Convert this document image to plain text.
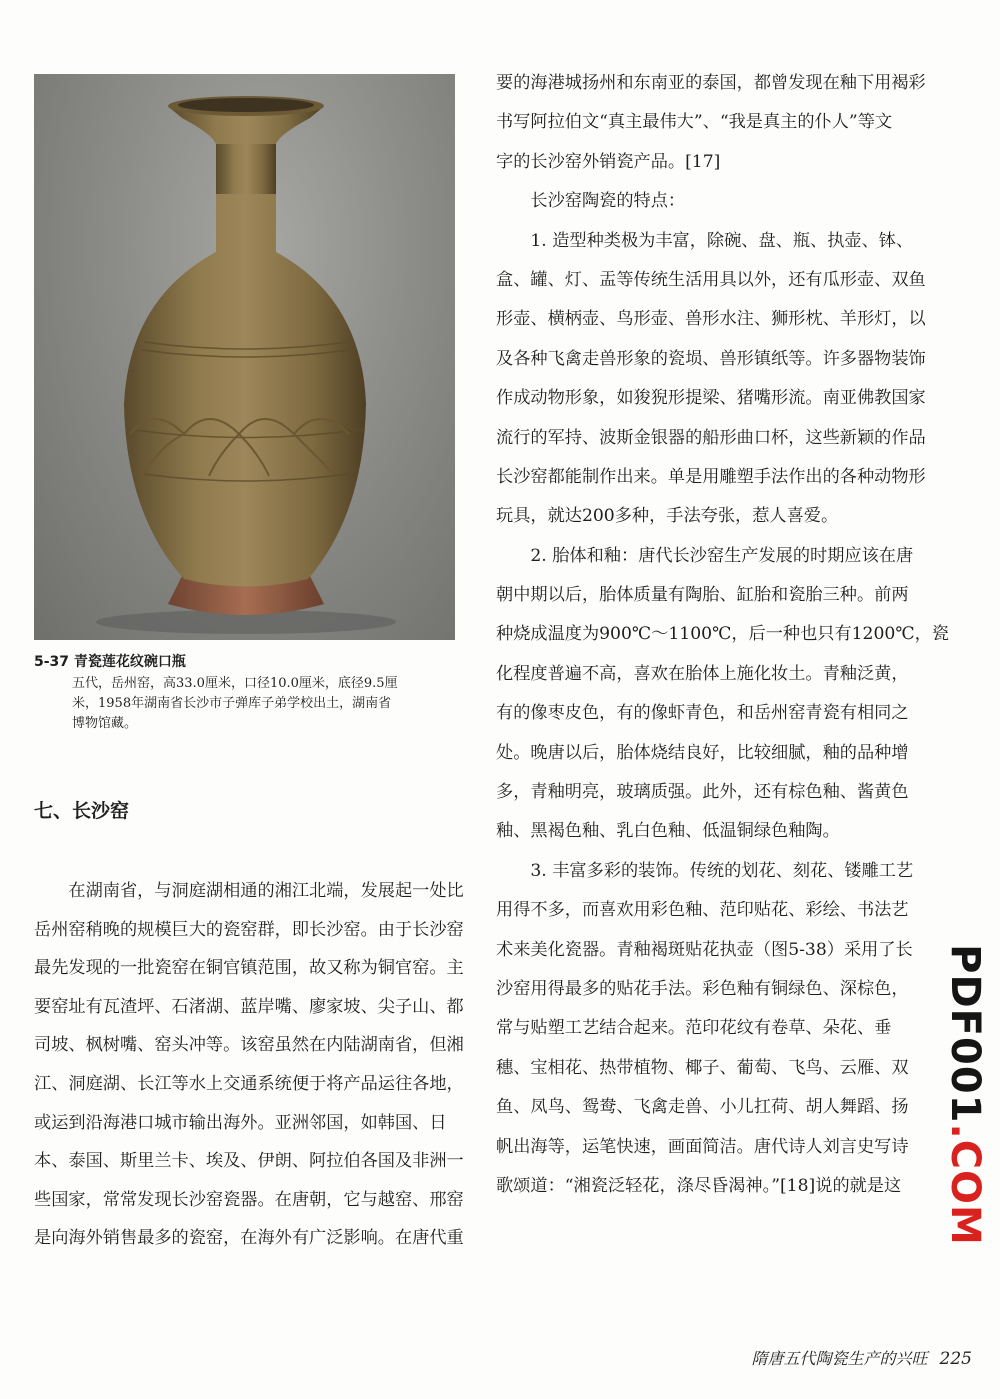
5-37 青瓷莲花纹碗口瓶

五代，岳州窑，高33.0厘米，口径10.0厘米，底径9.5厘
米，1958年湖南省长沙市子弹库子弟学校出土，湖南省
博物馆藏。
七、长沙窑
　　在湖南省，与洞庭湖相通的湘江北端，发展起一处比
岳州窑稍晚的规模巨大的瓷窑群，即长沙窑。由于长沙窑
最先发现的一批瓷窑在铜官镇范围，故又称为铜官窑。主
要窑址有瓦渣坪、石渚湖、蓝岸嘴、廖家坡、尖子山、都
司坡、枫树嘴、窑头冲等。该窑虽然在内陆湖南省，但湘
江、洞庭湖、长江等水上交通系统便于将产品运往各地，
或运到沿海港口城市输出海外。亚洲邻国，如韩国、日
本、泰国、斯里兰卡、埃及、伊朗、阿拉伯各国及非洲一
些国家，常常发现长沙窑瓷器。在唐朝，它与越窑、邢窑
是向海外销售最多的瓷窑，在海外有广泛影响。在唐代重
要的海港城扬州和东南亚的泰国，都曾发现在釉下用褐彩
书写阿拉伯文“真主最伟大”、“我是真主的仆人”等文
字的长沙窑外销瓷产品。[17]
　　长沙窑陶瓷的特点：
　　1. 造型种类极为丰富，除碗、盘、瓶、执壶、钵、
盒、罐、灯、盂等传统生活用具以外，还有瓜形壶、双鱼
形壶、横柄壶、鸟形壶、兽形水注、狮形枕、羊形灯，以
及各种飞禽走兽形象的瓷埙、兽形镇纸等。许多器物装饰
作成动物形象，如狻猊形提梁、猪嘴形流。南亚佛教国家
流行的军持、波斯金银器的船形曲口杯，这些新颖的作品
长沙窑都能制作出来。单是用雕塑手法作出的各种动物形
玩具，就达200多种，手法夸张，惹人喜爱。
　　2. 胎体和釉：唐代长沙窑生产发展的时期应该在唐
朝中期以后，胎体质量有陶胎、缸胎和瓷胎三种。前两
种烧成温度为900℃～1100℃，后一种也只有1200℃，瓷
化程度普遍不高，喜欢在胎体上施化妆土。青釉泛黄，
有的像枣皮色，有的像虾青色，和岳州窑青瓷有相同之
处。晚唐以后，胎体烧结良好，比较细腻，釉的品种增
多，青釉明亮，玻璃质强。此外，还有棕色釉、酱黄色
釉、黑褐色釉、乳白色釉、低温铜绿色釉陶。
　　3. 丰富多彩的装饰。传统的划花、刻花、镂雕工艺
用得不多，而喜欢用彩色釉、范印贴花、彩绘、书法艺
术来美化瓷器。青釉褐斑贴花执壶（图5-38）采用了长
沙窑用得最多的贴花手法。彩色釉有铜绿色、深棕色，
常与贴塑工艺结合起来。范印花纹有卷草、朵花、垂
穗、宝相花、热带植物、椰子、葡萄、飞鸟、云雁、双
鱼、凤鸟、鸳鸯、飞禽走兽、小儿扛荷、胡人舞蹈、扬
帆出海等，运笔快速，画面简洁。唐代诗人刘言史写诗
歌颂道：“湘瓷泛轻花，涤尽昏渴神。”[18]说的就是这
PDF001.COM
隋唐五代陶瓷生产的兴旺 225
